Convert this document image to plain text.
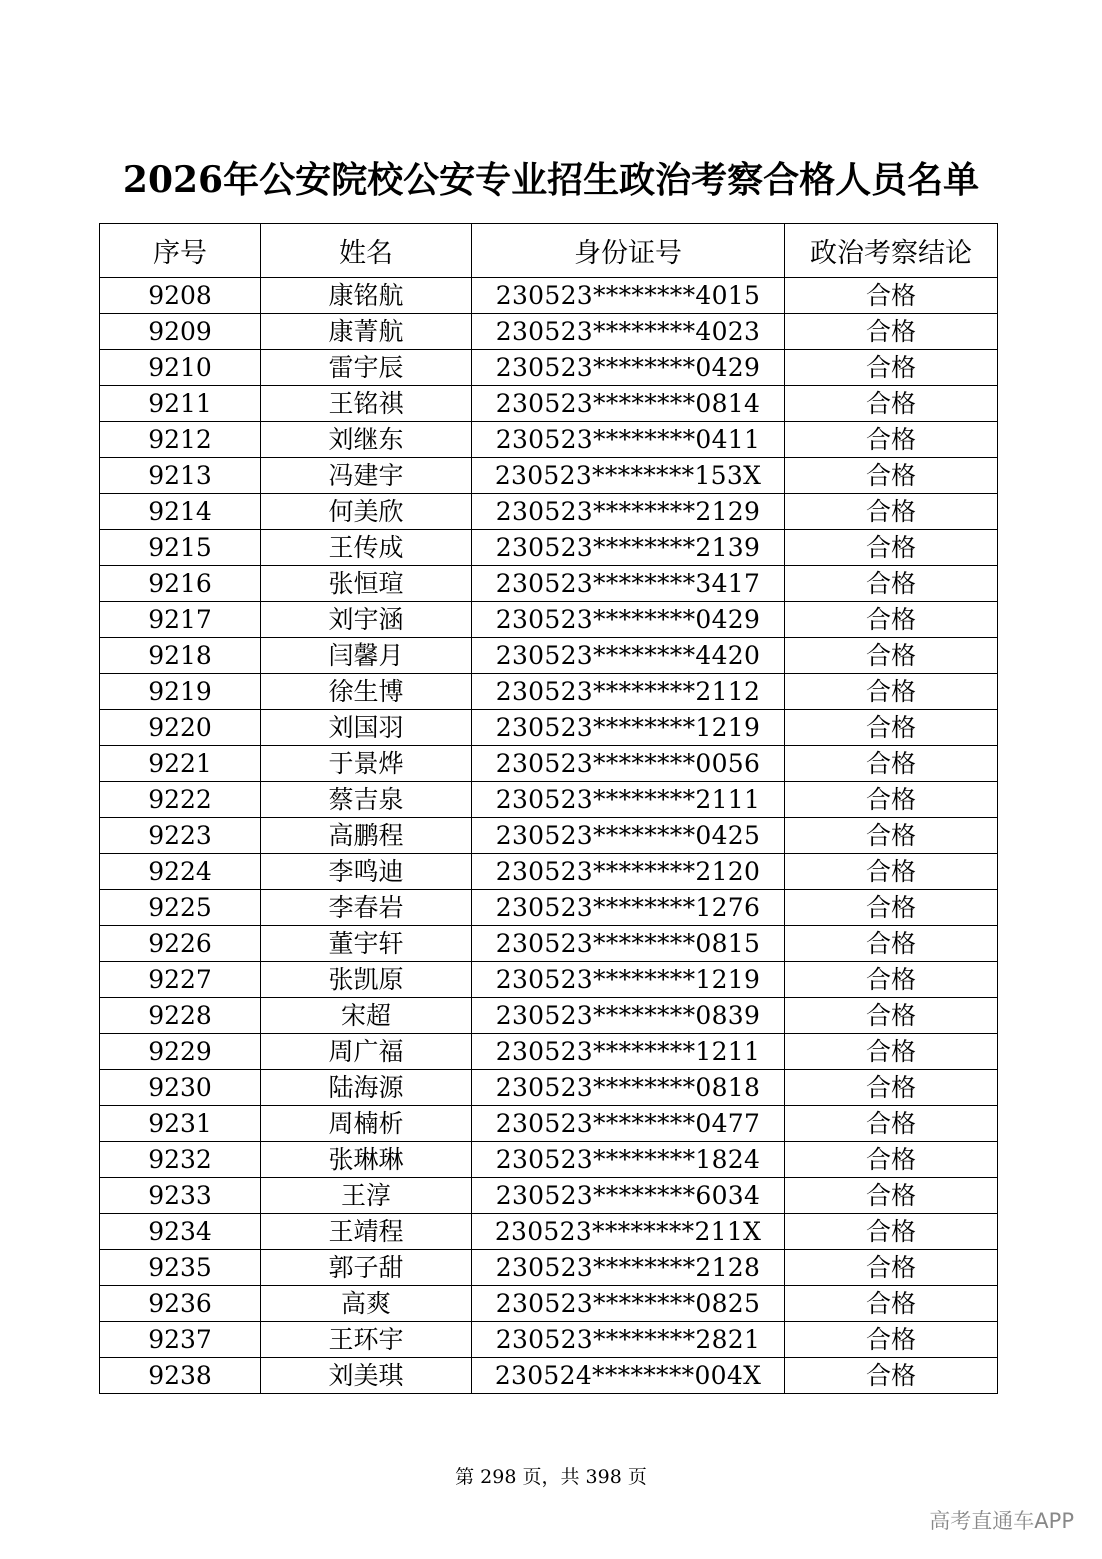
2026年公安院校公安专业招生政治考察合格人员名单
序号	姓名	身份证号	政治考察结论
9208	康铭航	230523********4015	合格
9209	康菁航	230523********4023	合格
9210	雷宇辰	230523********0429	合格
9211	王铭祺	230523********0814	合格
9212	刘继东	230523********0411	合格
9213	冯建宇	230523********153X	合格
9214	何美欣	230523********2129	合格
9215	王传成	230523********2139	合格
9216	张恒瑄	230523********3417	合格
9217	刘宇涵	230523********0429	合格
9218	闫馨月	230523********4420	合格
9219	徐生博	230523********2112	合格
9220	刘国羽	230523********1219	合格
9221	于景烨	230523********0056	合格
9222	蔡吉泉	230523********2111	合格
9223	高鹏程	230523********0425	合格
9224	李鸣迪	230523********2120	合格
9225	李春岩	230523********1276	合格
9226	董宇轩	230523********0815	合格
9227	张凯原	230523********1219	合格
9228	宋超	230523********0839	合格
9229	周广福	230523********1211	合格
9230	陆海源	230523********0818	合格
9231	周楠析	230523********0477	合格
9232	张琳琳	230523********1824	合格
9233	王淳	230523********6034	合格
9234	王靖程	230523********211X	合格
9235	郭子甜	230523********2128	合格
9236	高爽	230523********0825	合格
9237	王环宇	230523********2821	合格
9238	刘美琪	230524********004X	合格
第 298 页，共 398 页
高考直通车APP
